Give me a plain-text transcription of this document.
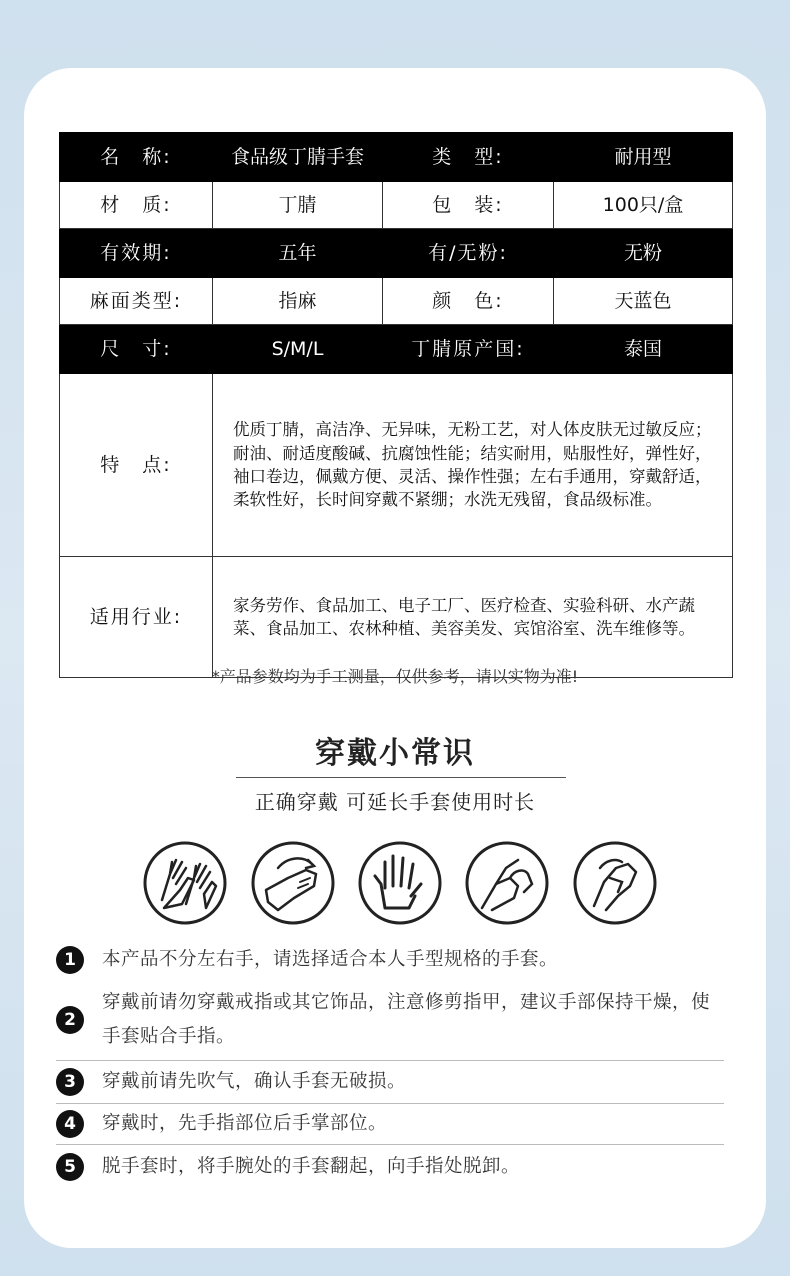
名　称:	食品级丁腈手套	类　型:	耐用型
材　质:	丁腈	包　装:	100只/盒
有效期:	五年	有/无粉:	无粉
麻面类型:	指麻	颜　色:	天蓝色
尺　寸:	S/M/L	丁腈原产国:	泰国
特　点:	优质丁腈，高洁净、无异味，无粉工艺，对人体皮肤无过敏反应；耐油、耐适度酸碱、抗腐蚀性能；结实耐用，贴服性好，弹性好，袖口卷边，佩戴方便、灵活、操作性强；左右手通用，穿戴舒适，柔软性好，长时间穿戴不紧绷；水洗无残留，食品级标准。		
适用行业:	家务劳作、食品加工、电子工厂、医疗检查、实验科研、水产蔬菜、食品加工、农林种植、美容美发、宾馆浴室、洗车维修等。		
*产品参数均为手工测量，仅供参考，请以实物为准!
穿戴小常识
正确穿戴 可延长手套使用时长
1	本产品不分左右手，请选择适合本人手型规格的手套。
2
穿戴前请勿穿戴戒指或其它饰品，注意修剪指甲，建议手部保持干燥，使手套贴合手指。
3	穿戴前请先吹气，确认手套无破损。
4	穿戴时，先手指部位后手掌部位。
5	脱手套时，将手腕处的手套翻起，向手指处脱卸。
